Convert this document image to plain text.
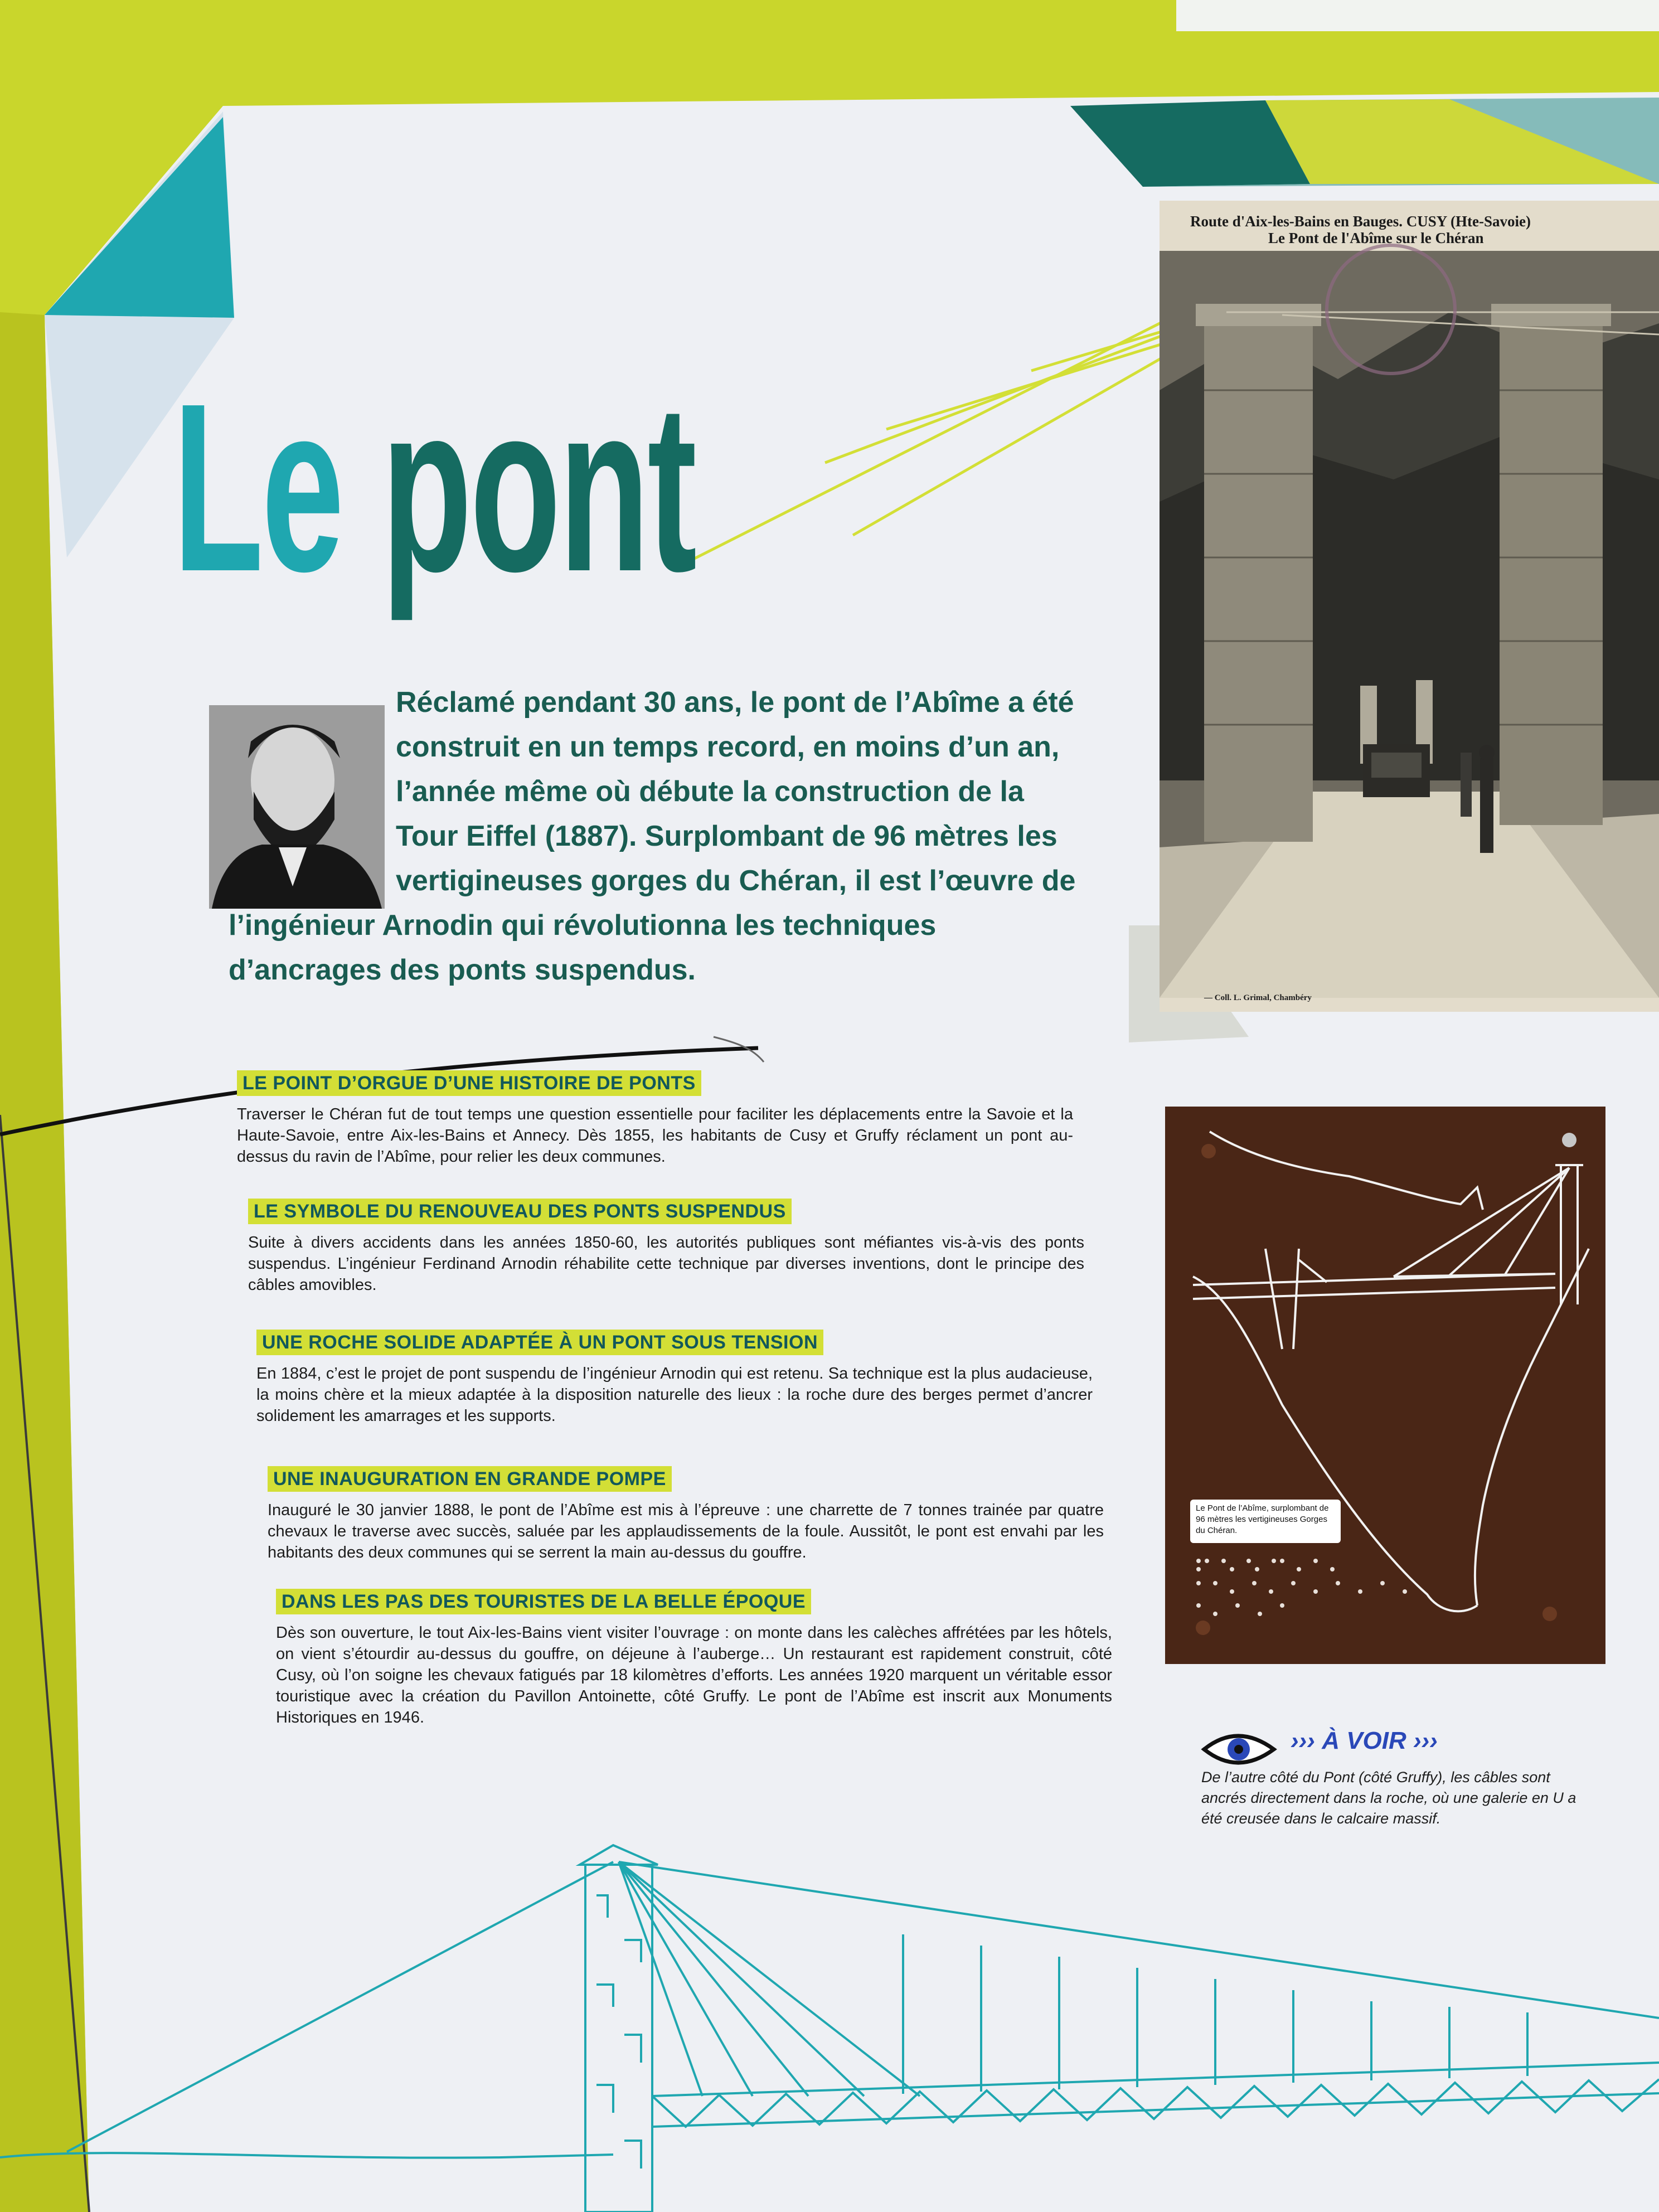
Le pont

Réclamé pendant 30 ans, le pont de l’Abîme a été construit en un temps record, en moins d’un an, l’année même où débute la construction de la Tour Eiffel (1887). Surplombant de 96 mètres les vertigineuses gorges du Chéran, il est l’œuvre de l’ingénieur Arnodin qui révolutionna les techniques d’ancrages des ponts suspendus.

Route d'Aix-les-Bains en Bauges. CUSY (Hte-Savoie)
Le Pont de l'Abîme sur le Chéran
— Coll. L. Grimal, Chambéry
LE POINT D’ORGUE D’UNE HISTOIRE DE PONTS

Traverser le Chéran fut de tout temps une question essentielle pour faciliter les déplacements entre la Savoie et la Haute-Savoie, entre Aix-les-Bains et Annecy. Dès 1855, les habitants de Cusy et Gruffy réclament un pont au-dessus du ravin de l’Abîme, pour relier les deux communes.

LE SYMBOLE DU RENOUVEAU DES PONTS SUSPENDUS

Suite à divers accidents dans les années 1850-60, les autorités publiques sont méfiantes vis-à-vis des ponts suspendus. L’ingénieur Ferdinand Arnodin réhabilite cette technique par diverses inventions, dont le principe des câbles amovibles.

UNE ROCHE SOLIDE ADAPTÉE À UN PONT SOUS TENSION

En 1884, c’est le projet de pont suspendu de l’ingénieur Arnodin qui est retenu. Sa technique est la plus audacieuse, la moins chère et la mieux adaptée à la disposition naturelle des lieux : la roche dure des berges permet d’ancrer solidement les amarrages et les supports.

UNE INAUGURATION EN GRANDE POMPE

Inauguré le 30 janvier 1888, le pont de l’Abîme est mis à l’épreuve : une charrette de 7 tonnes trainée par quatre chevaux le traverse avec succès, saluée par les applaudissements de la foule. Aussitôt, le pont est envahi par les habitants des deux communes qui se serrent la main au-dessus du gouffre.

DANS LES PAS DES TOURISTES DE LA BELLE ÉPOQUE

Dès son ouverture, le tout Aix-les-Bains vient visiter l’ouvrage : on monte dans les calèches affrétées par les hôtels, on vient s’étourdir au-dessus du gouffre, on déjeune à l’auberge… Un restaurant est rapidement construit, côté Cusy, où l’on soigne les chevaux fatigués par 18 kilomètres d’efforts. Les années 1920 marquent un véritable essor touristique avec la création du Pavillon Antoinette, côté Gruffy. Le pont de l’Abîme est inscrit aux Monuments Historiques en 1946.

Le Pont de l’Abîme, surplombant de 96 mètres les vertigineuses Gorges du Chéran.
››› À VOIR ›››

De l’autre côté du Pont (côté Gruffy), les câbles sont ancrés directement dans la roche, où une galerie en U a été creusée dans le calcaire massif.
